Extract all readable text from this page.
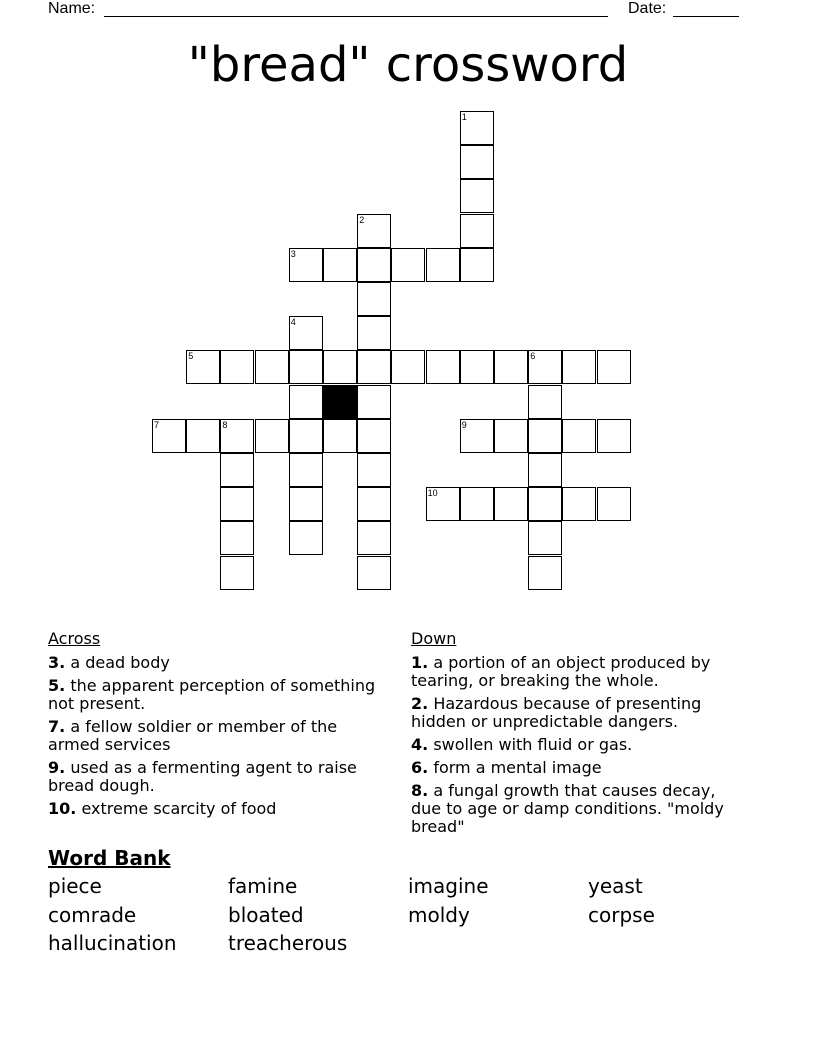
Name:	Date:
"bread" crossword
1
2
3
4
5	6
7	8	9
10
Across
3. a dead body
5. the apparent perception of something not present.
7. a fellow soldier or member of the armed services
9. used as a fermenting agent to raise bread dough.
10. extreme scarcity of food
Down
1. a portion of an object produced by tearing, or breaking the whole.
2. Hazardous because of presenting hidden or unpredictable dangers.
4. swollen with fluid or gas.
6. form a mental image
8. a fungal growth that causes decay, due to age or damp conditions. "moldy bread"
Word Bank
piece	famine	imagine	yeast
comrade	bloated	moldy	corpse
hallucination	treacherous
